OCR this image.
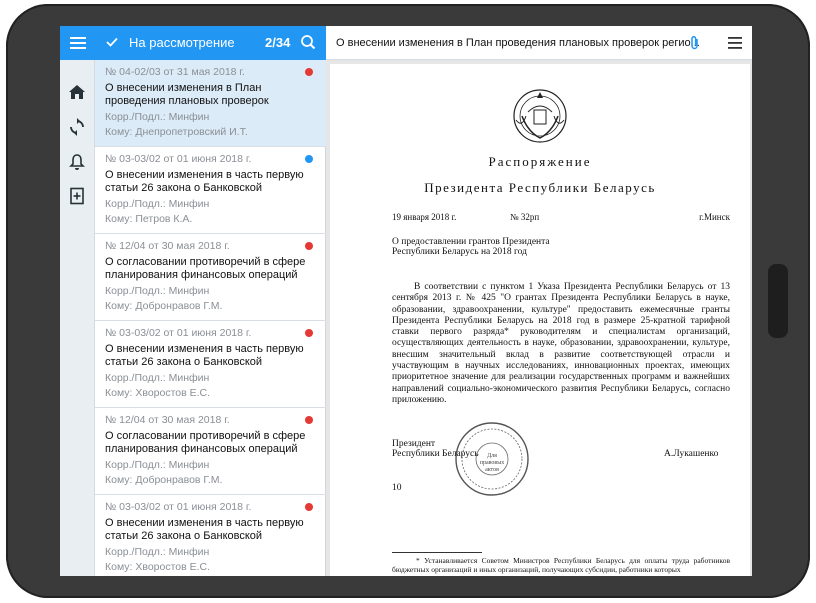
На рассмотрение 2/34
№ 04-02/03 от 31 мая 2018 г.
О внесении изменения в План проведения плановых проверок
Корр./Подл.: Минфин
Кому: Днепропетровский И.Т.
№ 03-03/02 от 01 июня 2018 г.
О внесении изменения в часть первую статьи 26 закона о Банковской
Корр./Подл.: Минфин
Кому: Петров К.А.
№ 12/04 от 30 мая 2018 г.
О согласовании противоречий в сфере планирования финансовых операций
Корр./Подл.: Минфин
Кому: Добронравов Г.М.
№ 03-03/02 от 01 июня 2018 г.
О внесении изменения в часть первую статьи 26 закона о Банковской
Корр./Подл.: Минфин
Кому: Хворостов Е.С.
№ 12/04 от 30 мая 2018 г.
О согласовании противоречий в сфере планирования финансовых операций
Корр./Подл.: Минфин
Кому: Добронравов Г.М.
№ 03-03/02 от 01 июня 2018 г.
О внесении изменения в часть первую статьи 26 закона о Банковской
Корр./Подл.: Минфин
Кому: Хворостов Е.С.
О внесении изменения в План проведения плановых проверок регио...
Распоряжение
Президента Республики Беларусь
19 января 2018 г.	№ 32рп	г.Минск
О предоставлении грантов Президента
Республики Беларусь на 2018 год
В соответствии с пунктом 1 Указа Президента Республики Беларусь от 13 сентября 2013 г. № 425 "О грантах Президента Республики Беларусь в науке, образовании, здравоохранении, культуре" предоставить ежемесячные гранты Президента Республики Беларусь на 2018 год в размере 25-кратной тарифной ставки первого разряда* руководителям и специалистам организаций, осуществляющих деятельность в науке, образовании, здравоохранении, культуре, внесшим значительный вклад в развитие соответствующей отрасли и участвующим в научных исследованиях, инновационных проектах, имеющих приоритетное значение для реализации государственных программ и важнейших направлений социально-экономического развития Республики Беларусь, согласно приложению.
Президент
Республики Беларусь Для
правовых
актов
А.Лукашенко
10
* Устанавливается Советом Министров Республики Беларусь для оплаты труда работников бюджетных организаций и иных организаций, получающих субсидии, работники которых
